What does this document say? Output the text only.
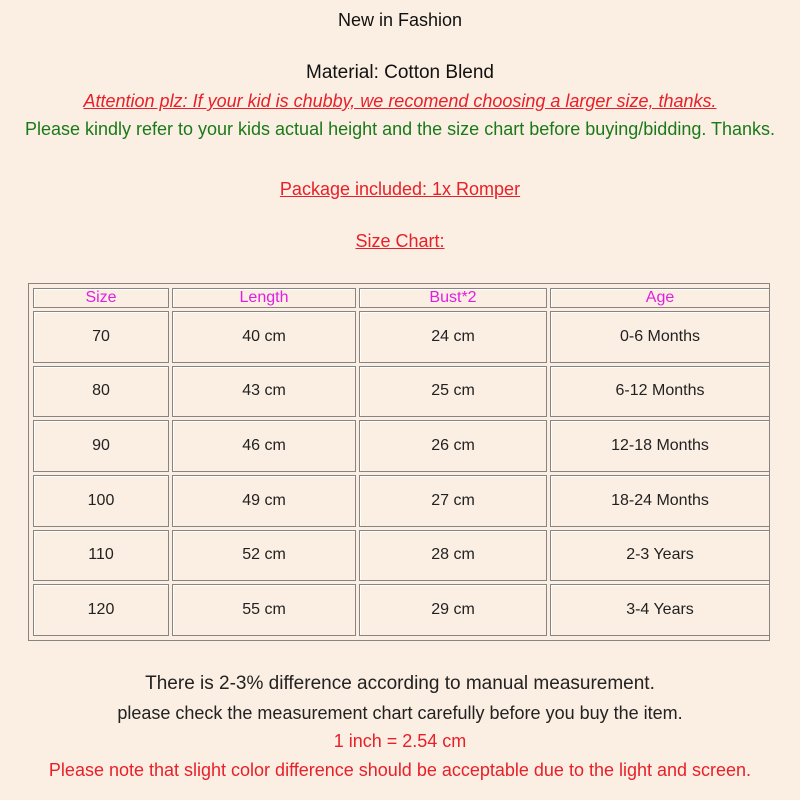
New in Fashion
Material: Cotton Blend
Attention plz: If your kid is chubby, we recomend choosing a larger size, thanks.
Please kindly refer to your kids actual height and the size chart before buying/bidding. Thanks.
Package included: 1x Romper
Size Chart:
Size	Length	Bust*2	Age
70	40 cm	24 cm	0-6 Months
80	43 cm	25 cm	6-12 Months
90	46 cm	26 cm	12-18 Months
100	49 cm	27 cm	18-24 Months
110	52 cm	28 cm	2-3 Years
120	55 cm	29 cm	3-4 Years
There is 2-3% difference according to manual measurement.
please check the measurement chart carefully before you buy the item.
1 inch = 2.54 cm
Please note that slight color difference should be acceptable due to the light and screen.
